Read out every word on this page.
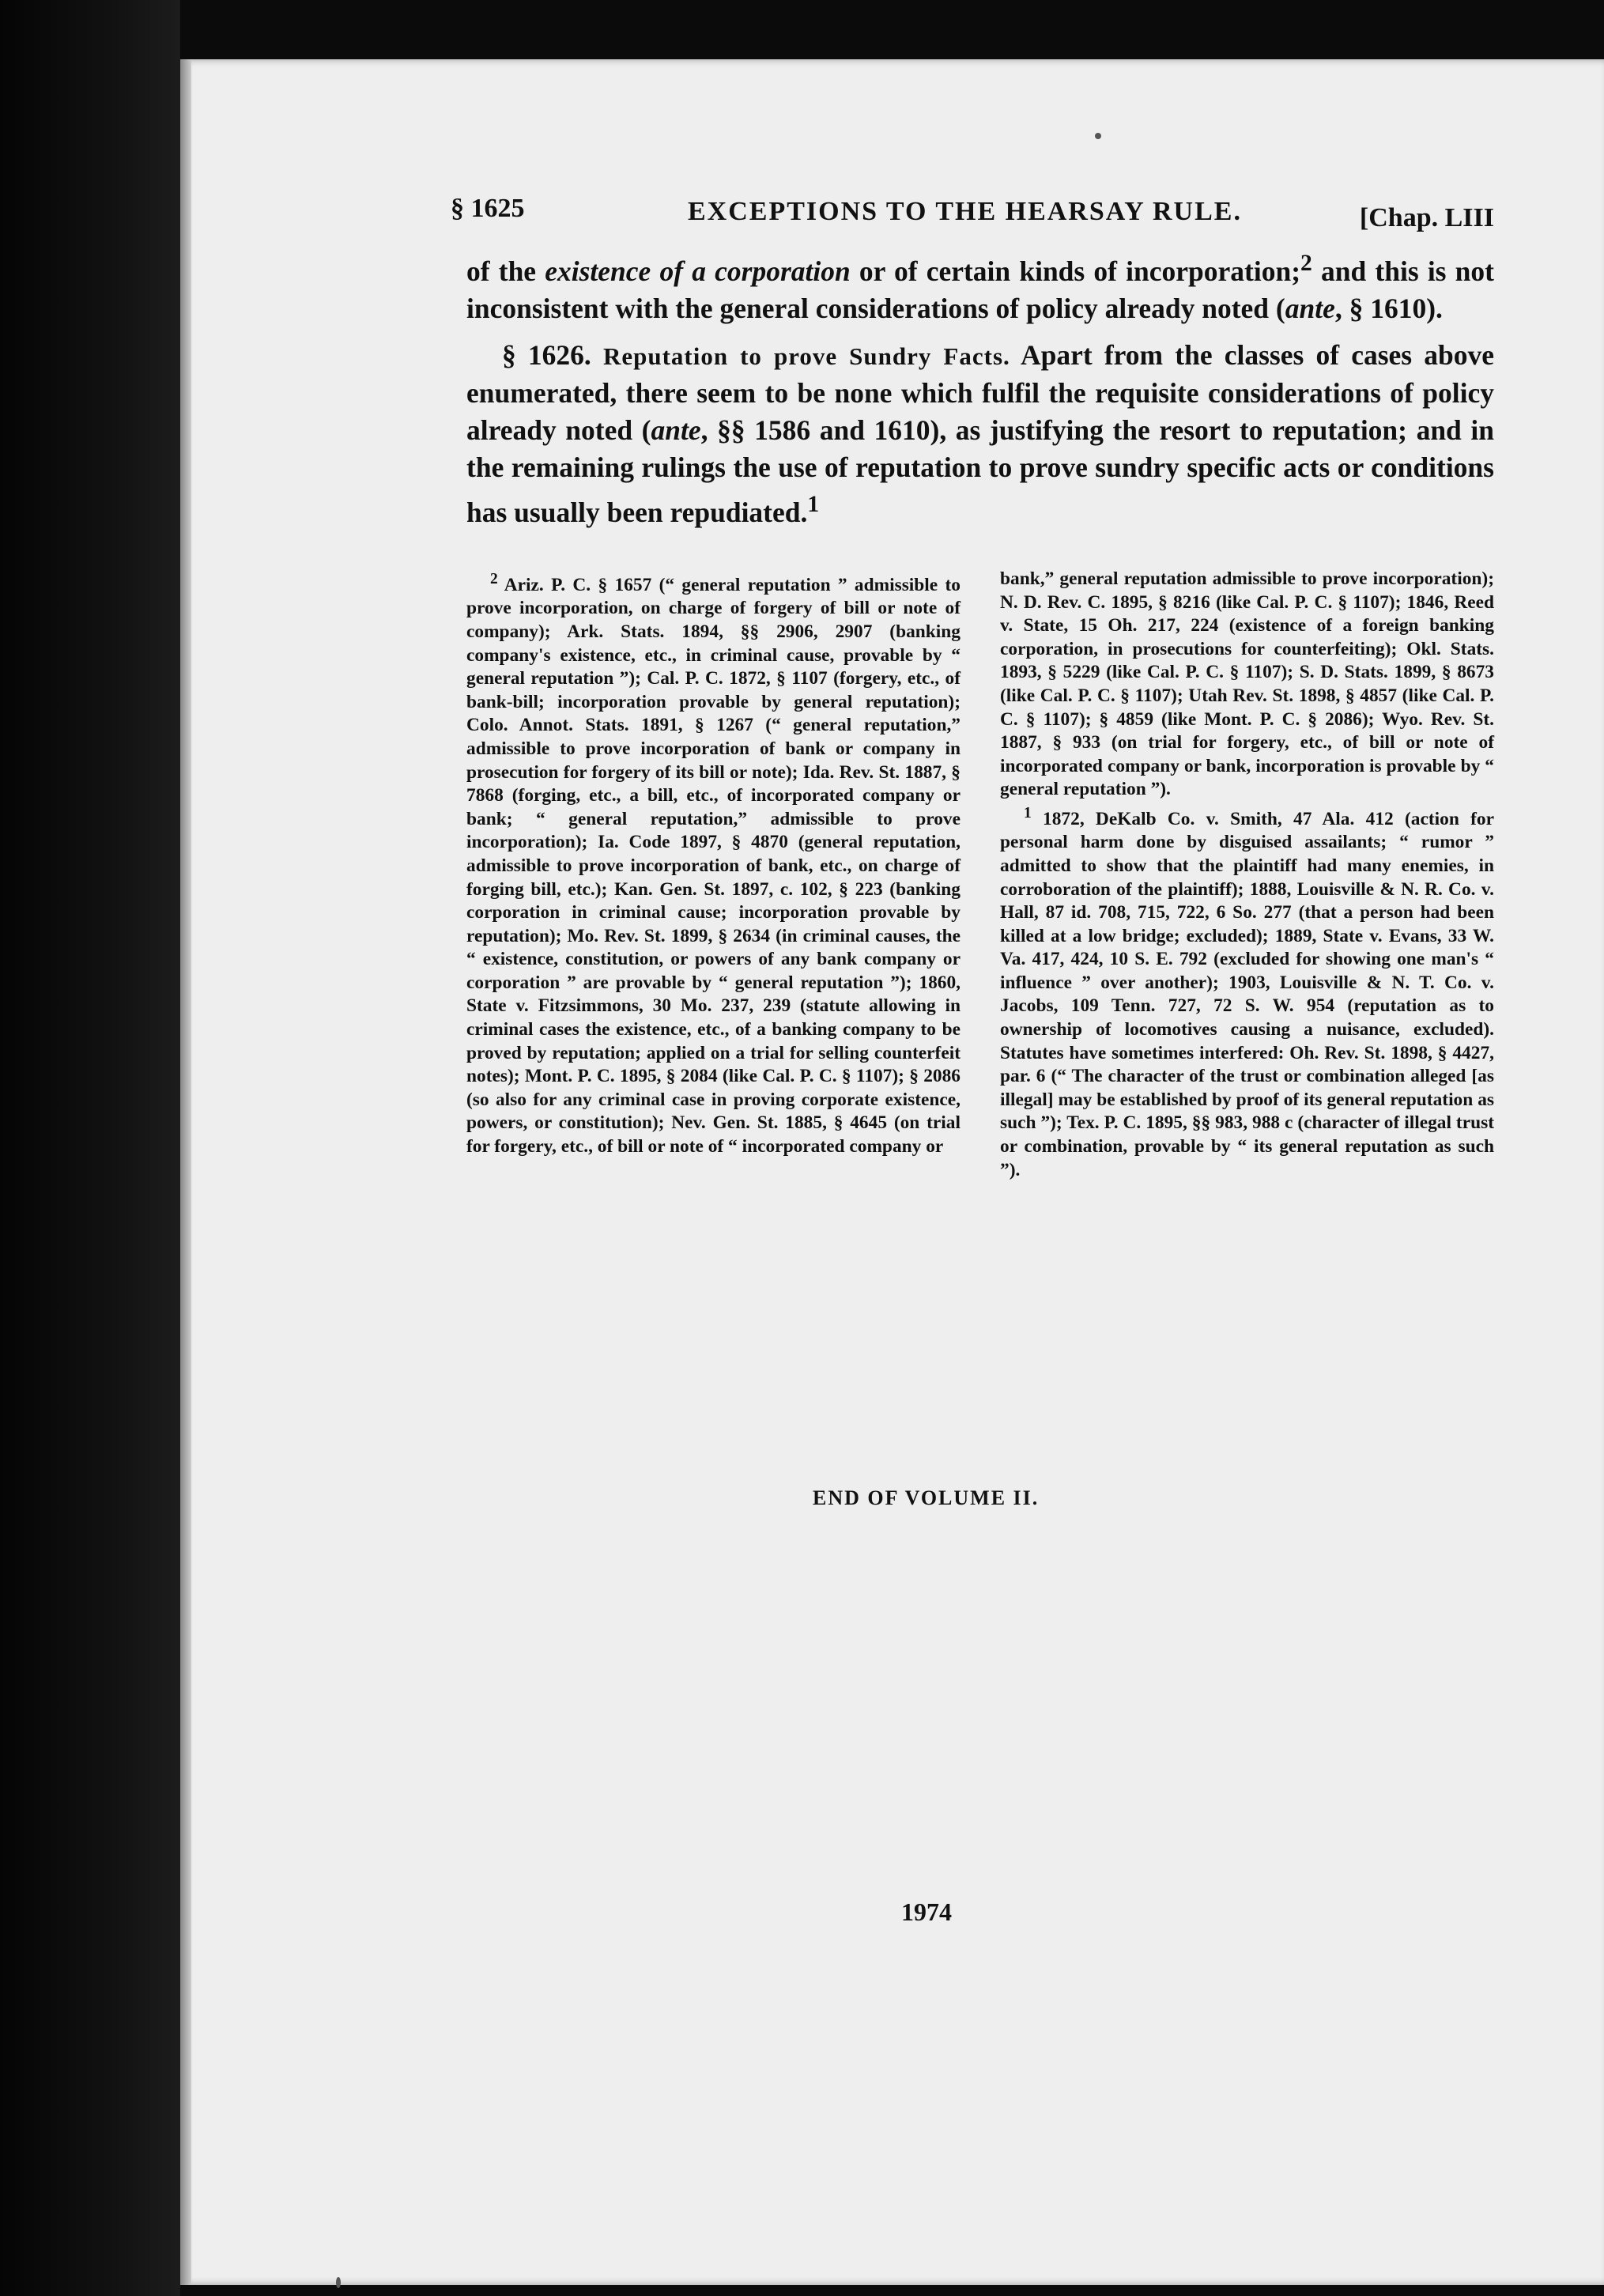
§ 1625	EXCEPTIONS TO THE HEARSAY RULE.	[Chap. LIII

of the existence of a corporation or of certain kinds of incorporation;$^2$ and this is not inconsistent with the general considerations of policy already noted (ante, § 1610).

§ 1626. Reputation to prove Sundry Facts. Apart from the classes of cases above enumerated, there seem to be none which fulfil the requisite considerations of policy already noted (ante, §§ 1586 and 1610), as justifying the resort to reputation; and in the remaining rulings the use of reputation to prove sundry specific acts or conditions has usually been repudiated.$^1$

$^2$ Ariz. P. C. § 1657 (“ general reputation ” admissible to prove incorporation, on charge of forgery of bill or note of company); Ark. Stats. 1894, §§ 2906, 2907 (banking company's existence, etc., in criminal cause, provable by “ general reputation ”); Cal. P. C. 1872, § 1107 (forgery, etc., of bank-bill; incorporation provable by general reputation); Colo. Annot. Stats. 1891, § 1267 (“ general reputation,” admissible to prove incorporation of bank or company in prosecution for forgery of its bill or note); Ida. Rev. St. 1887, § 7868 (forging, etc., a bill, etc., of incorporated company or bank; “ general reputation,” admissible to prove incorporation); Ia. Code 1897, § 4870 (general reputation, admissible to prove incorporation of bank, etc., on charge of forging bill, etc.); Kan. Gen. St. 1897, c. 102, § 223 (banking corporation in criminal cause; incorporation provable by reputation); Mo. Rev. St. 1899, § 2634 (in criminal causes, the “ existence, constitution, or powers of any bank company or corporation ” are provable by “ general reputation ”); 1860, State v. Fitzsimmons, 30 Mo. 237, 239 (statute allowing in criminal cases the existence, etc., of a banking company to be proved by reputation; applied on a trial for selling counterfeit notes); Mont. P. C. 1895, § 2084 (like Cal. P. C. § 1107); § 2086 (so also for any criminal case in proving corporate existence, powers, or constitution); Nev. Gen. St. 1885, § 4645 (on trial for forgery, etc., of bill or note of “ incorporated company or

bank,” general reputation admissible to prove incorporation); N. D. Rev. C. 1895, § 8216 (like Cal. P. C. § 1107); 1846, Reed v. State, 15 Oh. 217, 224 (existence of a foreign banking corporation, in prosecutions for counterfeiting); Okl. Stats. 1893, § 5229 (like Cal. P. C. § 1107); S. D. Stats. 1899, § 8673 (like Cal. P. C. § 1107); Utah Rev. St. 1898, § 4857 (like Cal. P. C. § 1107); § 4859 (like Mont. P. C. § 2086); Wyo. Rev. St. 1887, § 933 (on trial for forgery, etc., of bill or note of incorporated company or bank, incorporation is provable by “ general reputation ”).

$^1$ 1872, DeKalb Co. v. Smith, 47 Ala. 412 (action for personal harm done by disguised assailants; “ rumor ” admitted to show that the plaintiff had many enemies, in corroboration of the plaintiff); 1888, Louisville & N. R. Co. v. Hall, 87 id. 708, 715, 722, 6 So. 277 (that a person had been killed at a low bridge; excluded); 1889, State v. Evans, 33 W. Va. 417, 424, 10 S. E. 792 (excluded for showing one man's “ influence ” over another); 1903, Louisville & N. T. Co. v. Jacobs, 109 Tenn. 727, 72 S. W. 954 (reputation as to ownership of locomotives causing a nuisance, excluded). Statutes have sometimes interfered: Oh. Rev. St. 1898, § 4427, par. 6 (“ The character of the trust or combination alleged [as illegal] may be established by proof of its general reputation as such ”); Tex. P. C. 1895, §§ 983, 988 c (character of illegal trust or combination, provable by “ its general reputation as such ”).

END OF VOLUME II.
1974
